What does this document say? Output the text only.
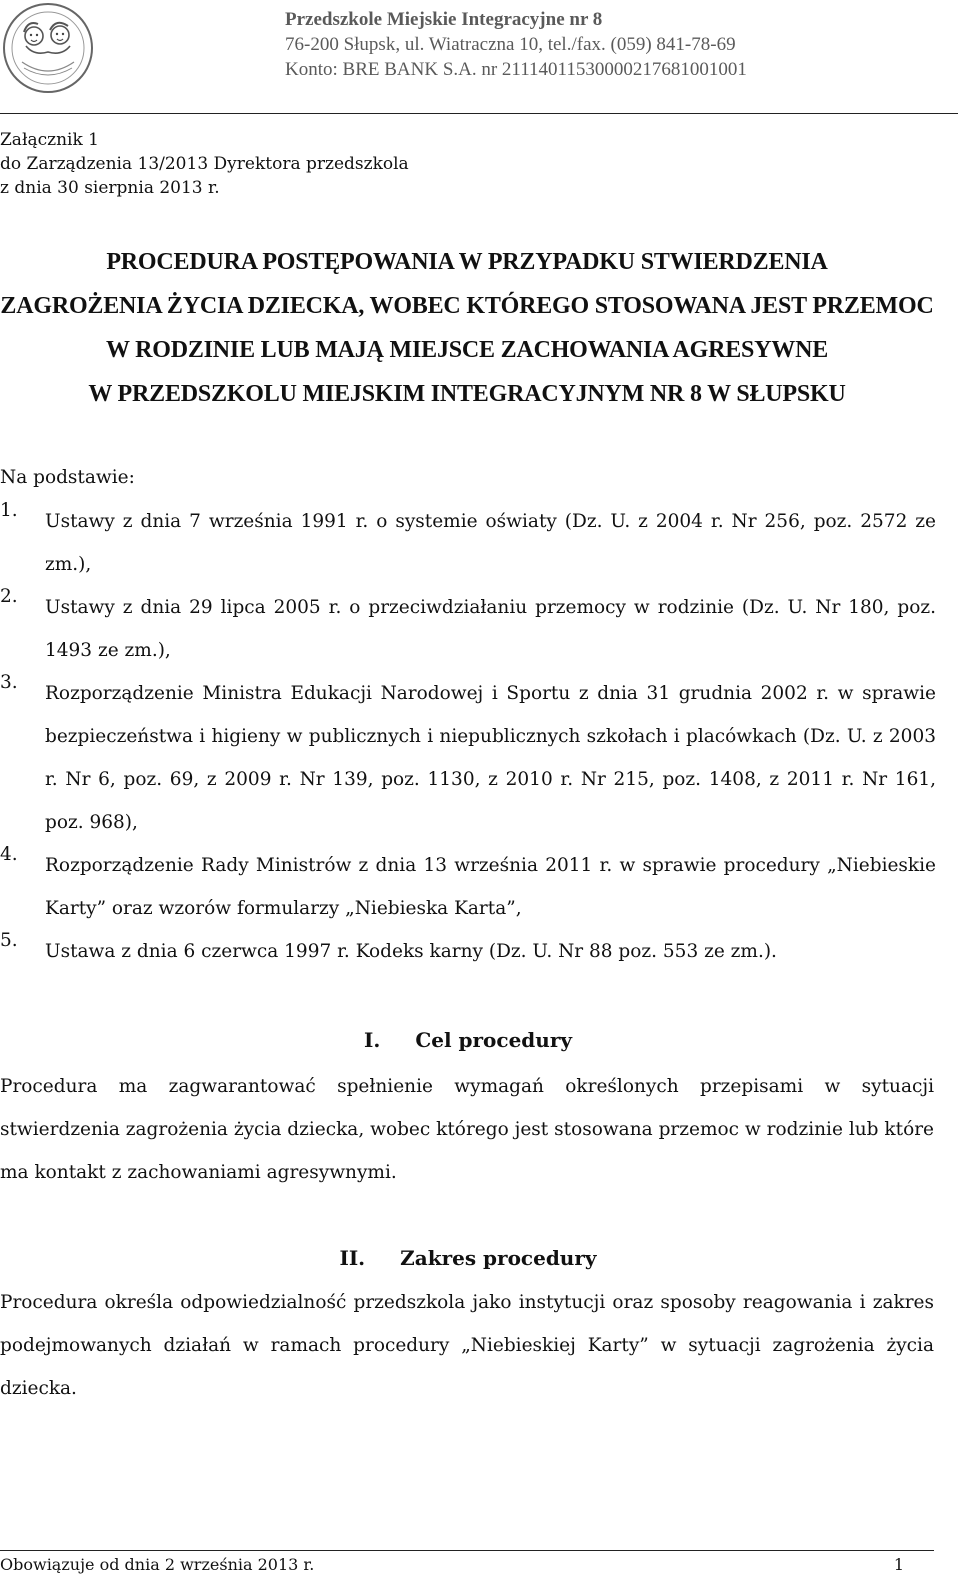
Przedszkole Miejskie Integracyjne nr 8
76-200 Słupsk, ul. Wiatraczna 10, tel./fax. (059) 841-78-69
Konto: BRE BANK S.A. nr 21114011530000217681001001
Załącznik 1
do Zarządzenia 13/2013 Dyrektora przedszkola
z dnia 30 sierpnia 2013 r.
PROCEDURA POSTĘPOWANIA W PRZYPADKU STWIERDZENIA
ZAGROŻENIA ŻYCIA DZIECKA, WOBEC KTÓREGO STOSOWANA JEST PRZEMOC
W RODZINIE LUB MAJĄ MIEJSCE ZACHOWANIA AGRESYWNE
W PRZEDSZKOLU MIEJSKIM INTEGRACYJNYM NR 8 W SŁUPSKU
Na podstawie:
1.
Ustawy z dnia 7 września 1991 r. o systemie oświaty (Dz. U. z 2004 r. Nr 256, poz. 2572 ze zm.),
2.
Ustawy z dnia 29 lipca 2005 r. o przeciwdziałaniu przemocy w rodzinie (Dz. U. Nr 180, poz. 1493 ze zm.),
3.
Rozporządzenie Ministra Edukacji Narodowej i Sportu z dnia 31 grudnia 2002 r. w sprawie bezpieczeństwa i higieny w publicznych i niepublicznych szkołach i placówkach (Dz. U. z 2003 r. Nr 6, poz. 69, z 2009 r. Nr 139, poz. 1130, z 2010 r. Nr 215, poz. 1408, z 2011 r. Nr 161, poz. 968),
4.
Rozporządzenie Rady Ministrów z dnia 13 września 2011 r. w sprawie procedury „Niebieskie Karty” oraz wzorów formularzy „Niebieska Karta”,
5.
Ustawa z dnia 6 czerwca 1997 r. Kodeks karny (Dz. U. Nr 88 poz. 553 ze zm.).
I. Cel procedury
Procedura ma zagwarantować spełnienie wymagań określonych przepisami w sytuacji stwierdzenia zagrożenia życia dziecka, wobec którego jest stosowana przemoc w rodzinie lub które ma kontakt z zachowaniami agresywnymi.
II. Zakres procedury
Procedura określa odpowiedzialność przedszkola jako instytucji oraz sposoby reagowania i zakres podejmowanych działań w ramach procedury „Niebieskiej Karty” w sytuacji zagrożenia życia dziecka.
Obowiązuje od dnia 2 września 2013 r.	1
